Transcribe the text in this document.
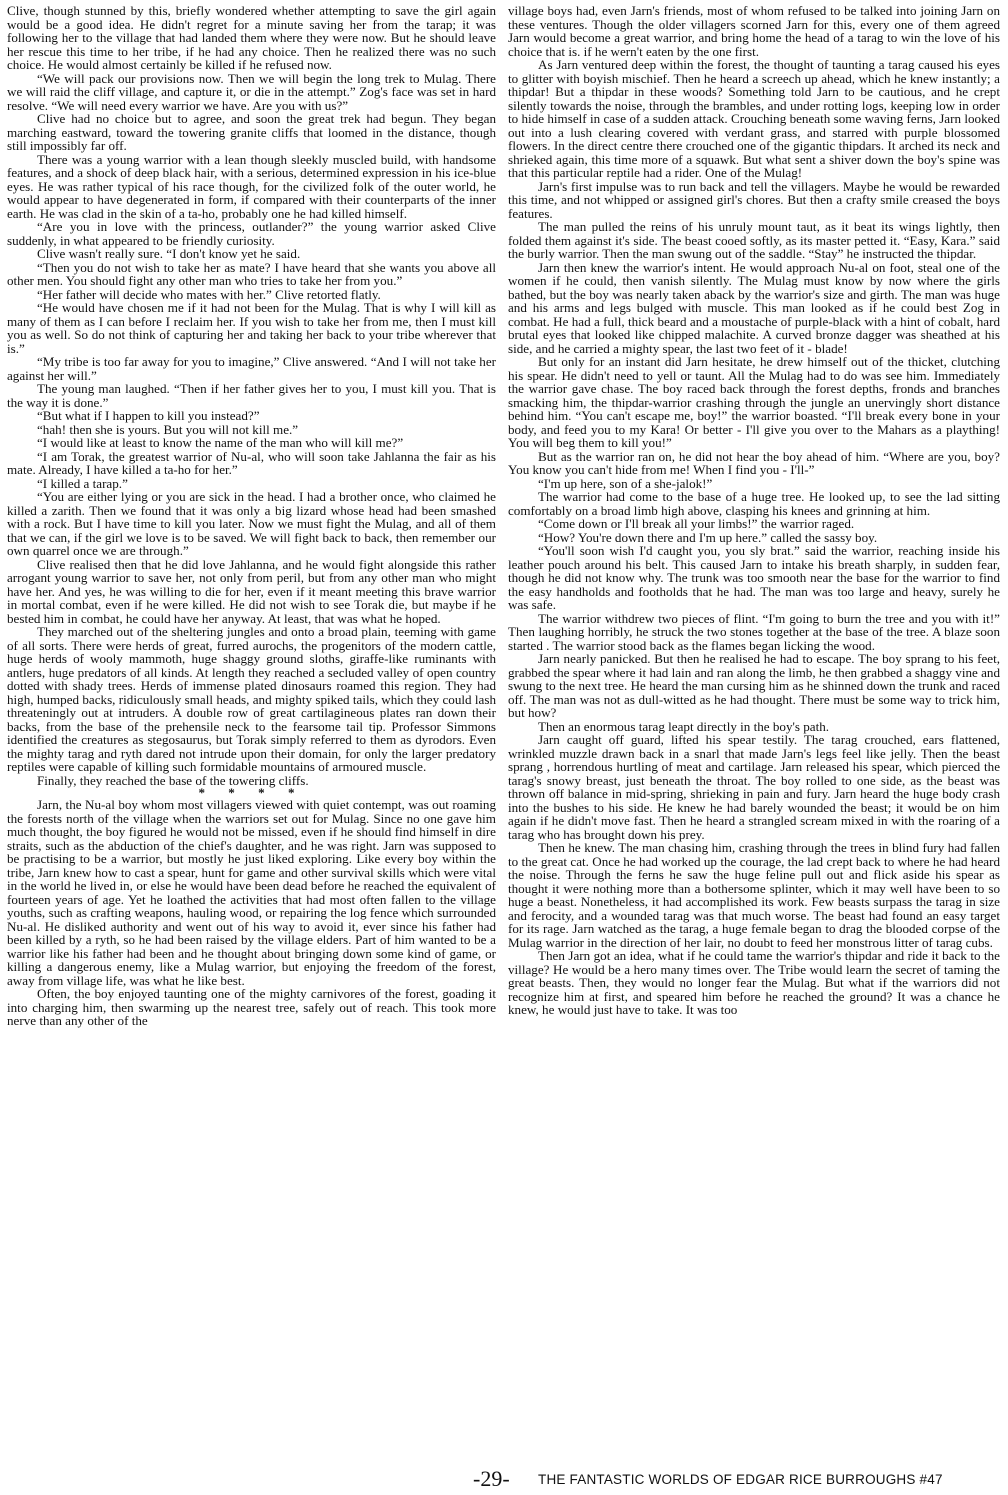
Clive, though stunned by this, briefly wondered whether attempting to save the girl again would be a good idea. He didn't regret for a minute saving her from the tarap; it was following her to the village that had landed them where they were now. But he should leave her rescue this time to her tribe, if he had any choice. Then he realized there was no such choice. He would almost certainly be killed if he refused now.

“We will pack our provisions now. Then we will begin the long trek to Mulag. There we will raid the cliff village, and capture it, or die in the attempt.” Zog's face was set in hard resolve. “We will need every warrior we have. Are you with us?”

Clive had no choice but to agree, and soon the great trek had begun. They began marching eastward, toward the towering granite cliffs that loomed in the distance, though still impossibly far off.

There was a young warrior with a lean though sleekly muscled build, with handsome features, and a shock of deep black hair, with a serious, determined expression in his ice-blue eyes. He was rather typical of his race though, for the civilized folk of the outer world, he would appear to have degenerated in form, if compared with their counterparts of the inner earth. He was clad in the skin of a ta-ho, probably one he had killed himself.

“Are you in love with the princess, outlander?” the young warrior asked Clive suddenly, in what appeared to be friendly curiosity.

Clive wasn't really sure. “I don't know yet he said.

“Then you do not wish to take her as mate? I have heard that she wants you above all other men. You should fight any other man who tries to take her from you.”

“Her father will decide who mates with her.” Clive retorted flatly.

“He would have chosen me if it had not been for the Mulag. That is why I will kill as many of them as I can before I reclaim her. If you wish to take her from me, then I must kill you as well. So do not think of capturing her and taking her back to your tribe wherever that is.”

“My tribe is too far away for you to imagine,” Clive answered. “And I will not take her against her will.”

The young man laughed. “Then if her father gives her to you, I must kill you. That is the way it is done.”

“But what if I happen to kill you instead?”

“hah! then she is yours. But you will not kill me.”

“I would like at least to know the name of the man who will kill me?”

“I am Torak, the greatest warrior of Nu-al, who will soon take Jahlanna the fair as his mate. Already, I have killed a ta-ho for her.”

“I killed a tarap.”

“You are either lying or you are sick in the head. I had a brother once, who claimed he killed a zarith. Then we found that it was only a big lizard whose head had been smashed with a rock. But I have time to kill you later. Now we must fight the Mulag, and all of them that we can, if the girl we love is to be saved. We will fight back to back, then remember our own quarrel once we are through.”

Clive realised then that he did love Jahlanna, and he would fight alongside this rather arrogant young warrior to save her, not only from peril, but from any other man who might have her. And yes, he was willing to die for her, even if it meant meeting this brave warrior in mortal combat, even if he were killed. He did not wish to see Torak die, but maybe if he bested him in combat, he could have her anyway. At least, that was what he hoped.

They marched out of the sheltering jungles and onto a broad plain, teeming with game of all sorts. There were herds of great, furred aurochs, the progenitors of the modern cattle, huge herds of wooly mammoth, huge shaggy ground sloths, giraffe-like ruminants with antlers, huge predators of all kinds. At length they reached a secluded valley of open country dotted with shady trees. Herds of immense plated dinosaurs roamed this region. They had high, humped backs, ridiculously small heads, and mighty spiked tails, which they could lash threateningly out at intruders. A double row of great cartilagineous plates ran down their backs, from the base of the prehensile neck to the fearsome tail tip. Professor Simmons identified the creatures as stegosaurus, but Torak simply referred to them as dyrodors. Even the mighty tarag and ryth dared not intrude upon their domain, for only the larger predatory reptiles were capable of killing such formidable mountains of armoured muscle.

Finally, they reached the base of the towering cliffs.

* * * *

Jarn, the Nu-al boy whom most villagers viewed with quiet contempt, was out roaming the forests north of the village when the warriors set out for Mulag. Since no one gave him much thought, the boy figured he would not be missed, even if he should find himself in dire straits, such as the abduction of the chief's daughter, and he was right. Jarn was supposed to be practising to be a warrior, but mostly he just liked exploring. Like every boy within the tribe, Jarn knew how to cast a spear, hunt for game and other survival skills which were vital in the world he lived in, or else he would have been dead before he reached the equivalent of fourteen years of age. Yet he loathed the activities that had most often fallen to the village youths, such as crafting weapons, hauling wood, or repairing the log fence which surrounded Nu-al. He disliked authority and went out of his way to avoid it, ever since his father had been killed by a ryth, so he had been raised by the village elders. Part of him wanted to be a warrior like his father had been and he thought about bringing down some kind of game, or killing a dangerous enemy, like a Mulag warrior, but enjoying the freedom of the forest, away from village life, was what he like best.

Often, the boy enjoyed taunting one of the mighty carnivores of the forest, goading it into charging him, then swarming up the nearest tree, safely out of reach. This took more nerve than any other of the

village boys had, even Jarn's friends, most of whom refused to be talked into joining Jarn on these ventures. Though the older villagers scorned Jarn for this, every one of them agreed Jarn would become a great warrior, and bring home the head of a tarag to win the love of his choice that is. if he wern't eaten by the one first.

As Jarn ventured deep within the forest, the thought of taunting a tarag caused his eyes to glitter with boyish mischief. Then he heard a screech up ahead, which he knew instantly; a thipdar! But a thipdar in these woods? Something told Jarn to be cautious, and he crept silently towards the noise, through the brambles, and under rotting logs, keeping low in order to hide himself in case of a sudden attack. Crouching beneath some waving ferns, Jarn looked out into a lush clearing covered with verdant grass, and starred with purple blossomed flowers. In the direct centre there crouched one of the gigantic thipdars. It arched its neck and shrieked again, this time more of a squawk. But what sent a shiver down the boy's spine was that this particular reptile had a rider. One of the Mulag!

Jarn's first impulse was to run back and tell the villagers. Maybe he would be rewarded this time, and not whipped or assigned girl's chores. But then a crafty smile creased the boys features.

The man pulled the reins of his unruly mount taut, as it beat its wings lightly, then folded them against it's side. The beast cooed softly, as its master petted it. “Easy, Kara.” said the burly warrior. Then the man swung out of the saddle. “Stay” he instructed the thipdar.

Jarn then knew the warrior's intent. He would approach Nu-al on foot, steal one of the women if he could, then vanish silently. The Mulag must know by now where the girls bathed, but the boy was nearly taken aback by the warrior's size and girth. The man was huge and his arms and legs bulged with muscle. This man looked as if he could best Zog in combat. He had a full, thick beard and a moustache of purple-black with a hint of cobalt, hard brutal eyes that looked like chipped malachite. A curved bronze dagger was sheathed at his side, and he carried a mighty spear, the last two feet of it - blade!

But only for an instant did Jarn hesitate, he drew himself out of the thicket, clutching his spear. He didn't need to yell or taunt. All the Mulag had to do was see him. Immediately the warrior gave chase. The boy raced back through the forest depths, fronds and branches smacking him, the thipdar-warrior crashing through the jungle an unervingly short distance behind him. “You can't escape me, boy!” the warrior boasted. “I'll break every bone in your body, and feed you to my Kara! Or better - I'll give you over to the Mahars as a plaything! You will beg them to kill you!”

But as the warrior ran on, he did not hear the boy ahead of him. “Where are you, boy? You know you can't hide from me! When I find you - I'll-”

“I'm up here, son of a she-jalok!”

The warrior had come to the base of a huge tree. He looked up, to see the lad sitting comfortably on a broad limb high above, clasping his knees and grinning at him.

“Come down or I'll break all your limbs!” the warrior raged.

“How? You're down there and I'm up here.” called the sassy boy.

“You'll soon wish I'd caught you, you sly brat.” said the warrior, reaching inside his leather pouch around his belt. This caused Jarn to intake his breath sharply, in sudden fear, though he did not know why. The trunk was too smooth near the base for the warrior to find the easy handholds and footholds that he had. The man was too large and heavy, surely he was safe.

The warrior withdrew two pieces of flint. “I'm going to burn the tree and you with it!” Then laughing horribly, he struck the two stones together at the base of the tree. A blaze soon started . The warrior stood back as the flames began licking the wood.

Jarn nearly panicked. But then he realised he had to escape. The boy sprang to his feet, grabbed the spear where it had lain and ran along the limb, he then grabbed a shaggy vine and swung to the next tree. He heard the man cursing him as he shinned down the trunk and raced off. The man was not as dull-witted as he had thought. There must be some way to trick him, but how?

Then an enormous tarag leapt directly in the boy's path.

Jarn caught off guard, lifted his spear testily. The tarag crouched, ears flattened, wrinkled muzzle drawn back in a snarl that made Jarn's legs feel like jelly. Then the beast sprang , horrendous hurtling of meat and cartilage. Jarn released his spear, which pierced the tarag's snowy breast, just beneath the throat. The boy rolled to one side, as the beast was thrown off balance in mid-spring, shrieking in pain and fury. Jarn heard the huge body crash into the bushes to his side. He knew he had barely wounded the beast; it would be on him again if he didn't move fast. Then he heard a strangled scream mixed in with the roaring of a tarag who has brought down his prey.

Then he knew. The man chasing him, crashing through the trees in blind fury had fallen to the great cat. Once he had worked up the courage, the lad crept back to where he had heard the noise. Through the ferns he saw the huge feline pull out and flick aside his spear as thought it were nothing more than a bothersome splinter, which it may well have been to so huge a beast. Nonetheless, it had accomplished its work. Few beasts surpass the tarag in size and ferocity, and a wounded tarag was that much worse. The beast had found an easy target for its rage. Jarn watched as the tarag, a huge female began to drag the blooded corpse of the Mulag warrior in the direction of her lair, no doubt to feed her monstrous litter of tarag cubs.

Then Jarn got an idea, what if he could tame the warrior's thipdar and ride it back to the village? He would be a hero many times over. The Tribe would learn the secret of taming the great beasts. Then, they would no longer fear the Mulag. But what if the warriors did not recognize him at first, and speared him before he reached the ground? It was a chance he knew, he would just have to take. It was too

-29- THE FANTASTIC WORLDS OF EDGAR RICE BURROUGHS #47
